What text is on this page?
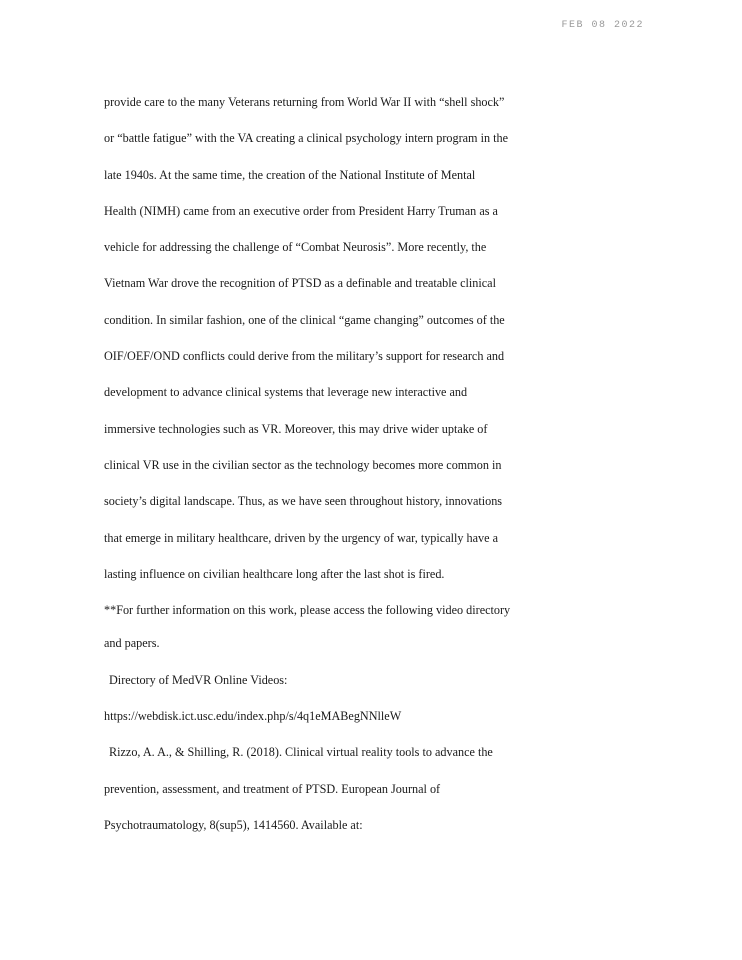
FEB 08 2022
provide care to the many Veterans returning from World War II with “shell shock”
or “battle fatigue” with the VA creating a clinical psychology intern program in the
late 1940s. At the same time, the creation of the National Institute of Mental
Health (NIMH) came from an executive order from President Harry Truman as a
vehicle for addressing the challenge of “Combat Neurosis”. More recently, the
Vietnam War drove the recognition of PTSD as a definable and treatable clinical
condition. In similar fashion, one of the clinical “game changing” outcomes of the
OIF/OEF/OND conflicts could derive from the military’s support for research and
development to advance clinical systems that leverage new interactive and
immersive technologies such as VR. Moreover, this may drive wider uptake of
clinical VR use in the civilian sector as the technology becomes more common in
society’s digital landscape. Thus, as we have seen throughout history, innovations
that emerge in military healthcare, driven by the urgency of war, typically have a
lasting influence on civilian healthcare long after the last shot is fired.
**For further information on this work, please access the following video directory
and papers.
Directory of MedVR Online Videos:
https://webdisk.ict.usc.edu/index.php/s/4q1eMABegNNlleW
Rizzo, A. A., & Shilling, R. (2018). Clinical virtual reality tools to advance the
prevention, assessment, and treatment of PTSD. European Journal of
Psychotraumatology, 8(sup5), 1414560. Available at:
